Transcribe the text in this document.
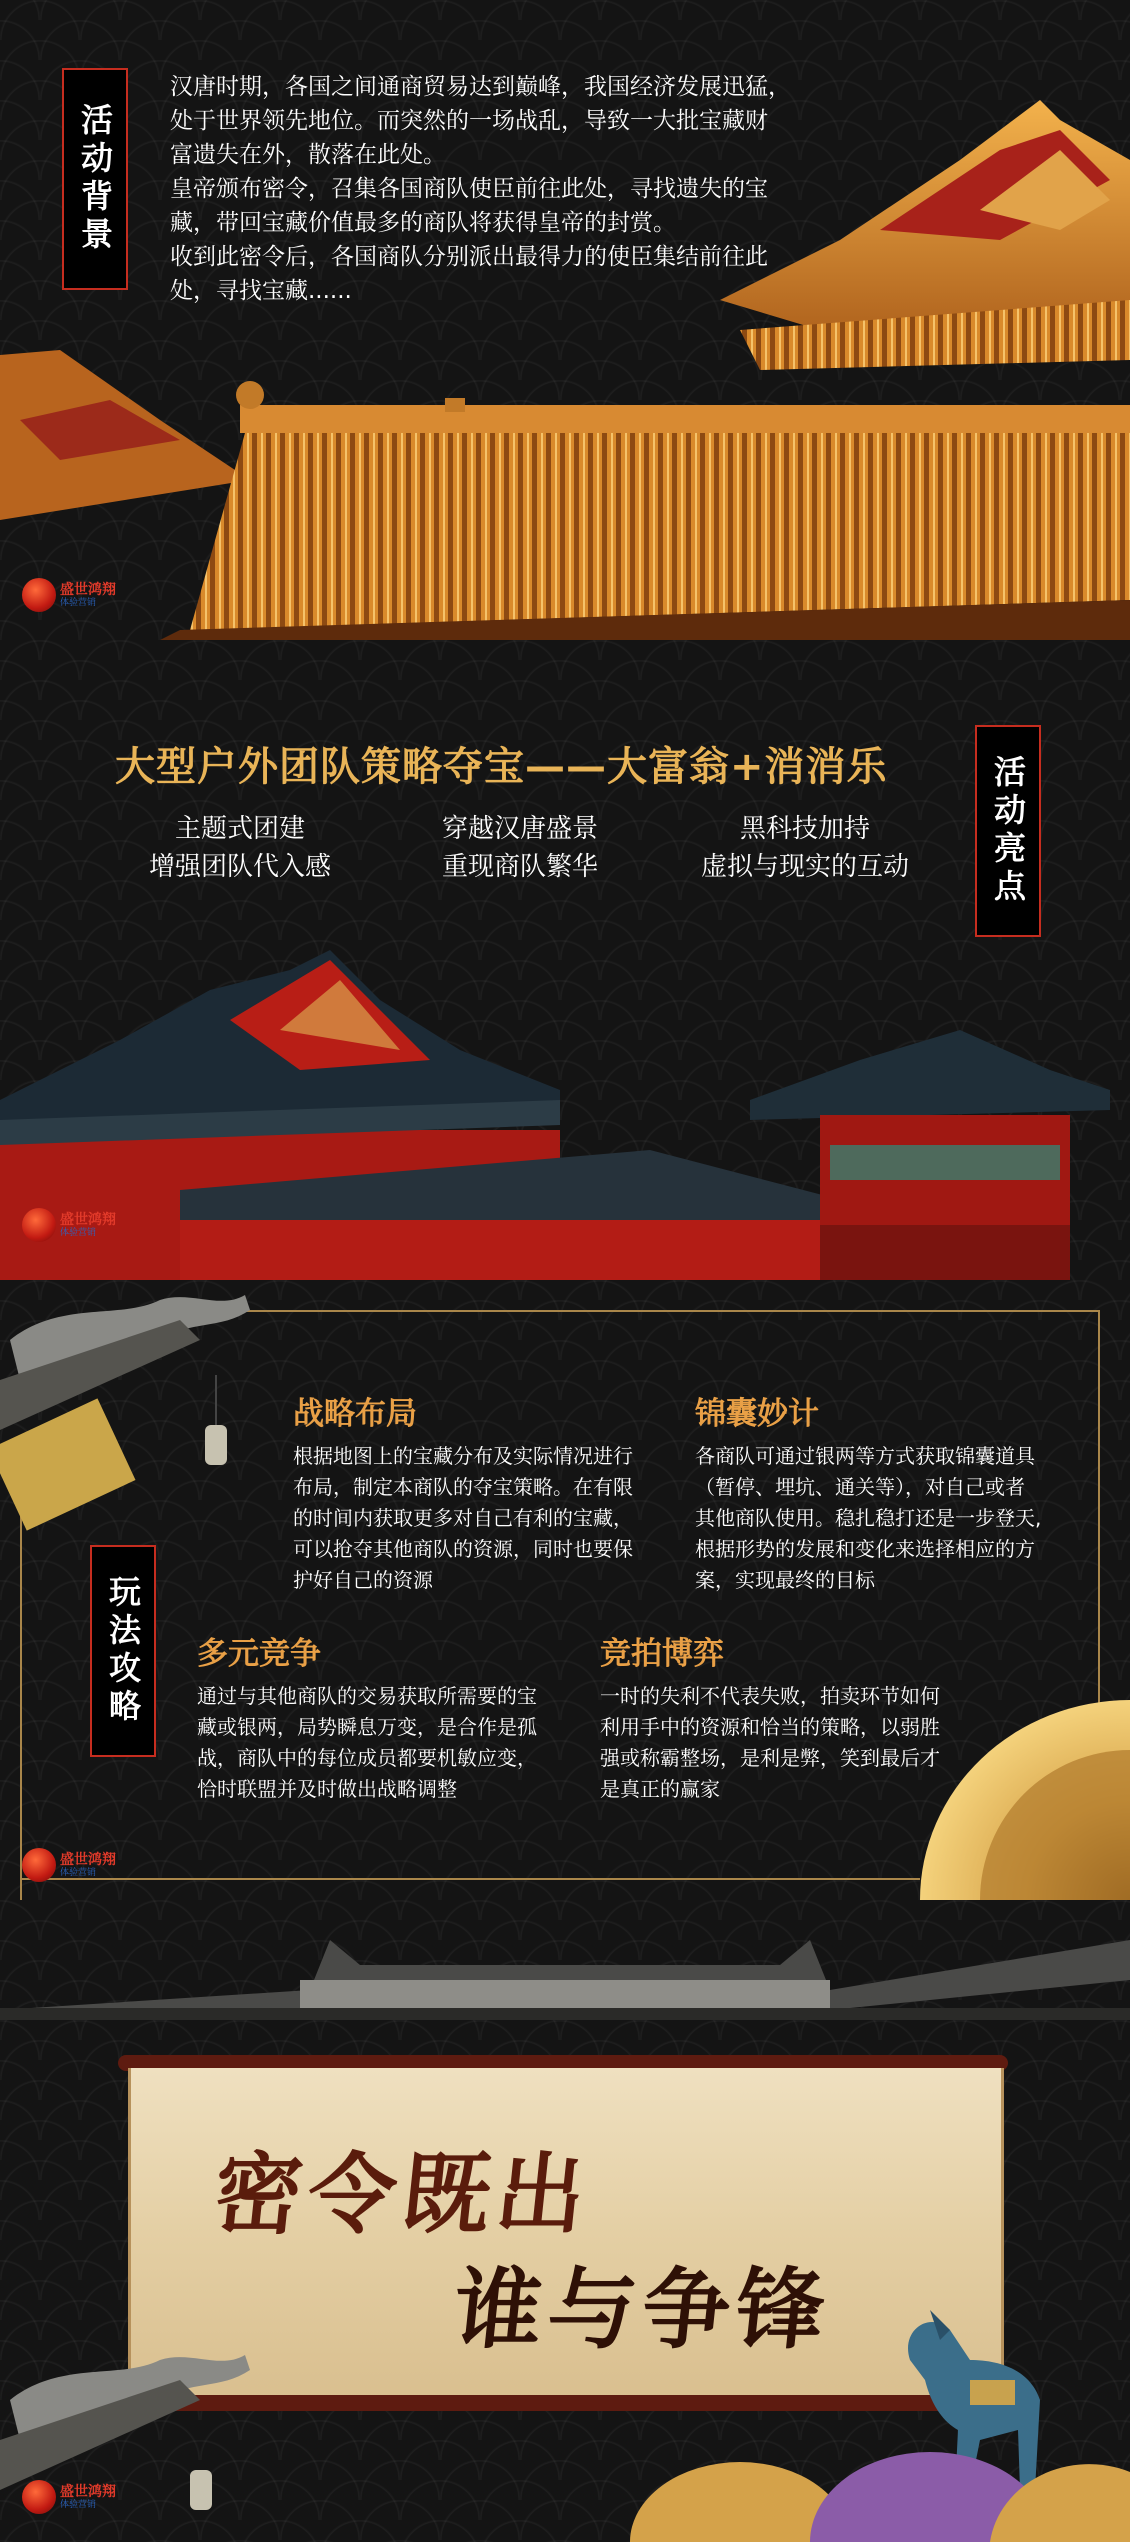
活动背景
汉唐时期，各国之间通商贸易达到巅峰，我国经济发展迅猛，
处于世界领先地位。而突然的一场战乱，导致一大批宝藏财
富遗失在外，散落在此处。
皇帝颁布密令，召集各国商队使臣前往此处，寻找遗失的宝
藏，带回宝藏价值最多的商队将获得皇帝的封赏。
收到此密令后，各国商队分别派出最得力的使臣集结前往此
处，寻找宝藏......
盛世鸿翔
体验营销
大型户外团队策略夺宝——大富翁+消消乐
主题式团建
增强团队代入感
穿越汉唐盛景
重现商队繁华
黑科技加持
虚拟与现实的互动	活动亮点
盛世鸿翔
体验营销
玩法攻略
战略布局
根据地图上的宝藏分布及实际情况进行
布局，制定本商队的夺宝策略。在有限
的时间内获取更多对自己有利的宝藏，
可以抢夺其他商队的资源，同时也要保
护好自己的资源
锦囊妙计
各商队可通过银两等方式获取锦囊道具
（暂停、埋坑、通关等），对自己或者
其他商队使用。稳扎稳打还是一步登天,
根据形势的发展和变化来选择相应的方
案，实现最终的目标
多元竞争
通过与其他商队的交易获取所需要的宝
藏或银两，局势瞬息万变，是合作是孤
战，商队中的每位成员都要机敏应变，
恰时联盟并及时做出战略调整
竞拍博弈
一时的失利不代表失败，拍卖环节如何
利用手中的资源和恰当的策略，以弱胜
强或称霸整场，是利是弊，笑到最后才
是真正的赢家
盛世鸿翔
体验营销
密令既出
谁与争锋
盛世鸿翔
体验营销
